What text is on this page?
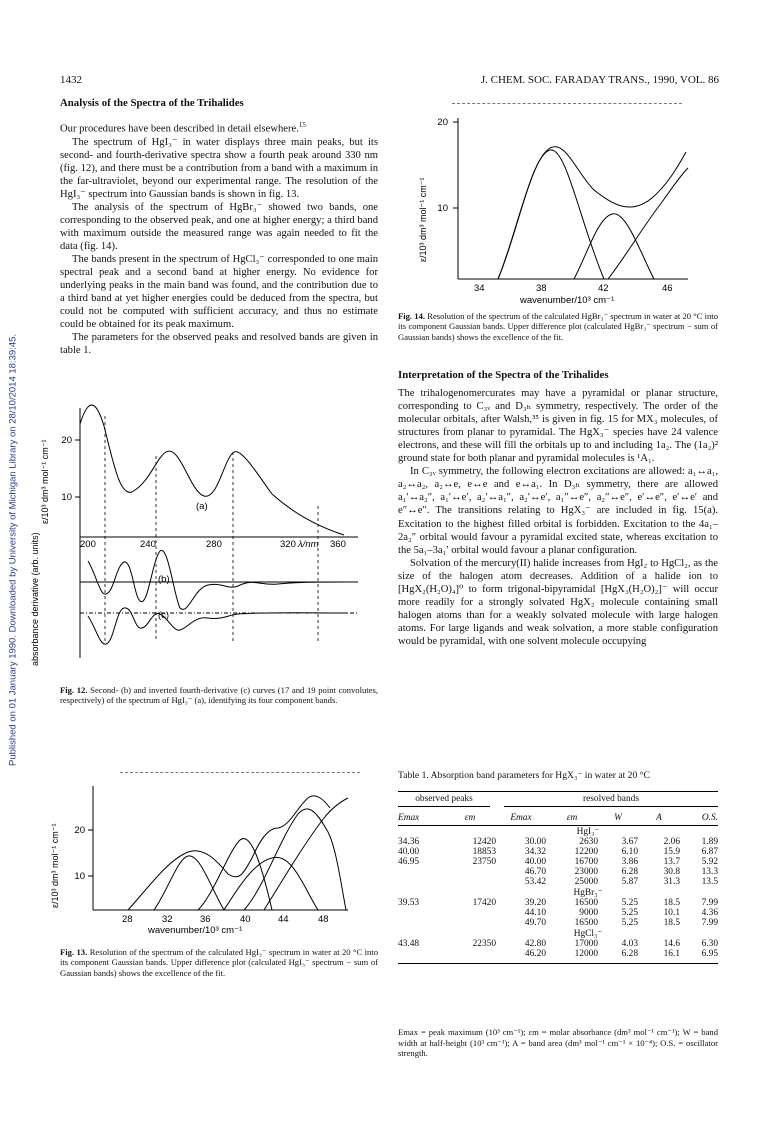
Published on 01 January 1990. Downloaded by University of Michigan Library on 28/10/2014 18:39:45.
1432	J. CHEM. SOC. FARADAY TRANS., 1990, VOL. 86
Analysis of the Spectra of the Trihalides

Our procedures have been described in detail elsewhere.$^{15}$

The spectrum of HgI₃⁻ in water displays three main peaks, but its second- and fourth-derivative spectra show a fourth peak around 330 nm (fig. 12), and there must be a contribution from a band with a maximum in the far-ultraviolet, beyond our experimental range. The resolution of the HgI₃⁻ spectrum into Gaussian bands is shown in fig. 13.

The analysis of the spectrum of HgBr₃⁻ showed two bands, one corresponding to the observed peak, and one at higher energy; a third band with maximum outside the measured range was again needed to fit the data (fig. 14).

The bands present in the spectrum of HgCl₃⁻ corresponded to one main spectral peak and a second band at higher energy. No evidence for underlying peaks in the main band was found, and the contribution due to a third band at yet higher energies could be deduced from the spectra, but could not be computed with sufficient accuracy, and thus no estimate could be obtained for its peak maximum.

The parameters for the observed peaks and resolved bands are given in table 1.

20
10
200	240	280	320 λ/nm 360
(a)
(b)
(c)
ε/10³ dm³ mol⁻¹ cm⁻¹
absorbance derivative (arb. units)
Fig. 12. Second- (b) and inverted fourth-derivative (c) curves (17 and 19 point convolutes, respectively) of the spectrum of HgI₃⁻ (a), identifying its four component bands.
20
10
28	32	36	40	44	48
wavenumber/10³ cm⁻¹
ε/10³ dm³ mol⁻¹ cm⁻¹
Fig. 13. Resolution of the spectrum of the calculated HgI₃⁻ spectrum in water at 20 °C into its component Gaussian bands. Upper difference plot (calculated HgI₃⁻ spectrum − sum of Gaussian bands) shows the excellence of the fit.
20
10
34	38	42	46
wavenumber/10³ cm⁻¹
ε/10³ dm³ mol⁻¹ cm⁻¹
Fig. 14. Resolution of the spectrum of the calculated HgBr₃⁻ spectrum in water at 20 °C into its component Gaussian bands. Upper difference plot (calculated HgBr₃⁻ spectrum − sum of Gaussian bands) shows the excellence of the fit.
Interpretation of the Spectra of the Trihalides

The trihalogenomercurates may have a pyramidal or planar structure, corresponding to C₃ᵥ and D₃ₕ symmetry, respectively. The order of the molecular orbitals, after Walsh,³⁵ is given in fig. 15 for MX₃ molecules, of structures from planar to pyramidal. The HgX₃⁻ species have 24 valence electrons, and these will fill the orbitals up to and including 1a₂. The (1a₂)² ground state for both planar and pyramidal molecules is ¹A₁.

In C₃ᵥ symmetry, the following electron excitations are allowed: a₁↔a₁, a₂↔a₂, a₂↔e, e↔e and e↔a₁. In D₃ₕ symmetry, there are allowed a₁′↔a₂″, a₁′↔e′, a₂′↔a₁″, a₂′↔e′, a₁″↔e″, a₂″↔e″, e′↔e″, e′↔e′ and e″↔e″. The transitions relating to HgX₃⁻ are included in fig. 15(a). Excitation to the highest filled orbital is forbidden. Excitation to the 4a₁–2a₂″ orbital would favour a pyramidal excited state, whereas excitation to the 5a₁–3a₁′ orbital would favour a planar configuration.

Solvation of the mercury(II) halide increases from HgI₂ to HgCl₂, as the size of the halogen atom decreases. Addition of a halide ion to [HgX₂(H₂O)₄]⁰ to form trigonal-bipyramidal [HgX₃(H₂O)₂]⁻ will occur more readily for a strongly solvated HgX₂ molecule containing small halogen atoms than for a weakly solvated molecule with large halogen atoms. For large ligands and weak solvation, a more stable configuration would be pyramidal, with one solvent molecule occupying

Table 1. Absorption band parameters for HgX₃⁻ in water at 20 °C
observed peaks	resolved bands
Emax	εm	Emax	εm	W	A	O.S.
HgI₃⁻						
34.36	12420	30.00	2630	3.67	2.06	1.89
40.00	18853	34.32	12200	6.10	15.9	6.87
46.95	23750	40.00	16700	3.86	13.7	5.92
		46.70	23000	6.28	30.8	13.3
		53.42	25000	5.87	31.3	13.5
HgBr₃⁻						
39.53	17420	39.20	16500	5.25	18.5	7.99
		44.10	9000	5.25	10.1	4.36
		49.70	16500	5.25	18.5	7.99
HgCl₃⁻						
43.48	22350	42.80	17000	4.03	14.6	6.30
		46.20	12000	6.28	16.1	6.95
Emax = peak maximum (10³ cm⁻¹); εm = molar absorbance (dm³ mol⁻¹ cm⁻¹); W = band width at half-height (10³ cm⁻¹); A = band area (dm³ mol⁻¹ cm⁻¹ × 10⁻⁴); O.S. = oscillator strength.
